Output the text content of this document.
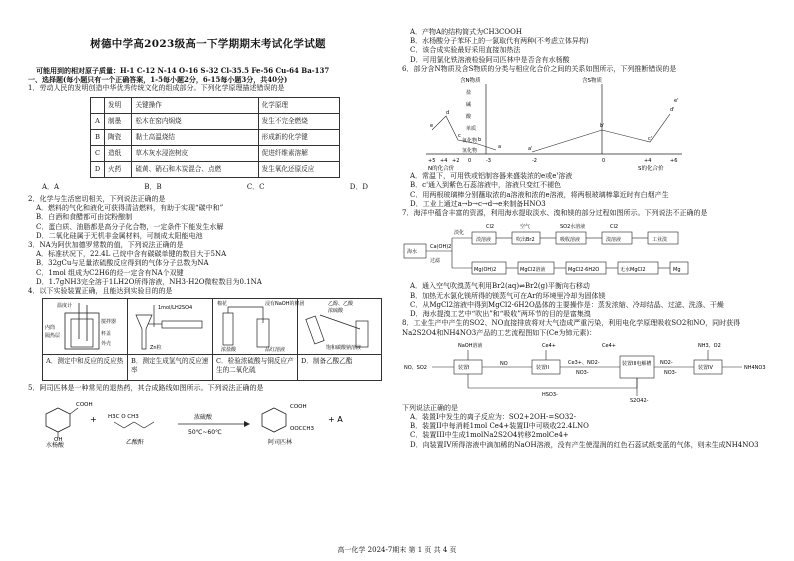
树德中学高2023级高一下学期期末考试化学试题

可能用到的相对原子质量：H-1 C-12 N-14 O-16 S-32 Cl-35.5 Fe-56 Cu-64 Ba-137

一、选择题(每小题只有一个正确答案，1-5每小题2分，6-15每小题3分，共40分)

1．劳动人民的发明创造中华优秀传统文化的组成部分。下列化学原理描述错误的是

	发明	关键操作	化学原理
A	制墨	松木在窑内焖烧	发生不完全燃烧
B	陶瓷	黏土高温烧结	形成新的化学键
C	造纸	草木灰水浸泡树皮	促进纤维素溶解
D	火药	硫黄、硝石和木炭混合、点燃	发生氧化还原反应
A．A	B．B	C．C	D．D

2．化学与生活密切相关，下列说法正确的是

A．燃料的气化和液化可获得清洁燃料，有助于实现“碳中和”

B．白酒和食醋都可由淀粉酿制

C．蛋白质、油脂都是高分子化合物，一定条件下能发生水解

D．二氧化硅属于无机非金属材料，可制成太阳能电池

3．NA为阿伏加德罗常数的值，下列说法正确的是

A．标准状况下，22.4L 己烷中含有碳碳单键的数目大于5NA

B．32gCu与足量浓硫酸反应得到的气体分子总数为NA

C．1mol 组成为C2H6的烃一定含有NA个双键

D．1.7gNH3完全溶于1LH2O所得溶液，NH3·H2O微粒数目为0.1NA

4．以下实验装置正确，且能达到实验目的的是

温度计
搅拌器
内筒
隔热层	杯盖
外壳
1mol/LH2SO4
Zn粒
棉花	浸有NaOH的棉团
浓盐酸	品红溶液
乙醇、乙酸
浓硫酸
饱和碳酸钠溶液
A．测定中和反应的反应热	B．测定生成氢气的反应速率
C．检验浓硫酸与铜反应产生的二氧化硫
D．制备乙酸乙酯

5．阿司匹林是一种常见的退热药，其合成路线如图所示。下列说法正确的是

COOH
OH
水杨酸
+ H3C O CH3
乙酸酐
浓硫酸
50℃~60℃
COOH
OOCCH3
阿司匹林
+ A

A．产物A的结构简式为CH3COOH

B．水杨酸分子苯环上的一氯取代有两种(不考虑立体异构)

C．该合成实验最好采用直接加热法

D．可用氯化铁溶液检验阿司匹林中是否含有水杨酸

6．部分含N物质及含S物质的分类与相应化合价之间的关系如图所示，下列推断错误的是

含N物质	含S物质
盐
碱
酸
单质
氧化物
氢化物
+5 +4 +2 0	-3	-2	0	+4	+6
e
d
c
b
a	a'
b'
c'
d'
e'
N的化合价	S的化合价

A．常温下，可用铁或铝制容器来盛装浓的e或e'溶液

B．c'通入到紫色石蕊溶液中，溶液只变红不褪色

C．用两根玻璃棒分别蘸取浓的a溶液和浓的e溶液，将两根玻璃棒靠近时有白烟产生

D．工业上通过a→b→c→d→e来制备HNO3

7．海洋中蕴含丰富的资源，利用海水提取淡水、溴和镁的部分过程如图所示。下列说法不正确的是

海水
淡化
Ca(OH)2
过滤
淡溶液
Cl2
吹出Br2
空气
吸收溶液
SO2水溶液
溴溶液
Cl2
工业溴
Mg(OH)2	MgCl2溶液	MgCl2·6H2O	无水MgCl2	Mg

A．通入空气吹溴蒸气利用Br2(aq)⇌Br2(g)平衡向右移动

B．加热无水氯化镁所得的镁蒸气可在Ar的环境里冷却为固体镁

C．从MgCl2溶液中得到MgCl2·6H2O晶体的主要操作是：蒸发浓缩、冷却结晶、过滤、洗涤、干燥

D．海水提溴工艺中“吹出”和“吸收”两环节的目的是富集溴

8．工业生产中产生的SO2、NO直接排放将对大气造成严重污染，利用电化学原理吸收SO2和NO，同时获得Na2S2O4和NH4NO3产品的工艺流程图如下(Ce为铈元素)：

NaOH溶液	Ce4+	Ce4+	NH3、O2
NO、SO2	装置I	装置II
装置III电解槽
装置IV	NH4NO3
NO	Ce3+、NO2-
NO3-
NO2-
NO3-
HSO3-
S2O42-

下列说法正确的是

A．装置I中发生的离子反应为：SO2+2OH-=SO32-

B．装置II中每消耗1mol Ce4+装置II中可吸收22.4LNO

C．装置III中生成1molNa2S2O4转移2molCe4+

D．向装置IV所得溶液中滴加稀的NaOH溶液，没有产生使湿润的红色石蕊试纸变蓝的气体，则未生成NH4NO3

高一化学 2024-7期末 第 1 页 共 4 页
